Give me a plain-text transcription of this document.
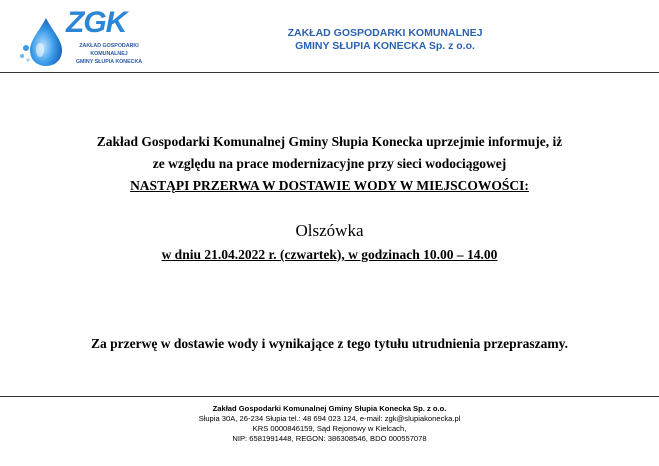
ZGK
ZAKŁAD GOSPODARKI
KOMUNALNEJ
GMINY SŁUPIA KONECKA
ZAKŁAD GOSPODARKI KOMUNALNEJ
GMINY SŁUPIA KONECKA Sp. z o.o.
Zakład Gospodarki Komunalnej Gminy Słupia Konecka uprzejmie informuje, iż
ze względu na prace modernizacyjne przy sieci wodociągowej
NASTĄPI PRZERWA W DOSTAWIE WODY W MIEJSCOWOŚCI:
Olszówka
w dniu 21.04.2022 r. (czwartek), w godzinach 10.00 – 14.00
Za przerwę w dostawie wody i wynikające z tego tytułu utrudnienia przepraszamy.
Zakład Gospodarki Komunalnej Gminy Słupia Konecka Sp. z o.o.
Słupia 30A, 26-234 Słupia tel.: 48 694 023 124, e-mail: zgk@slupiakonecka.pl
KRS 0000846159, Sąd Rejonowy w Kielcach,
NIP: 6581991448, REGON: 386308546, BDO 000557078
